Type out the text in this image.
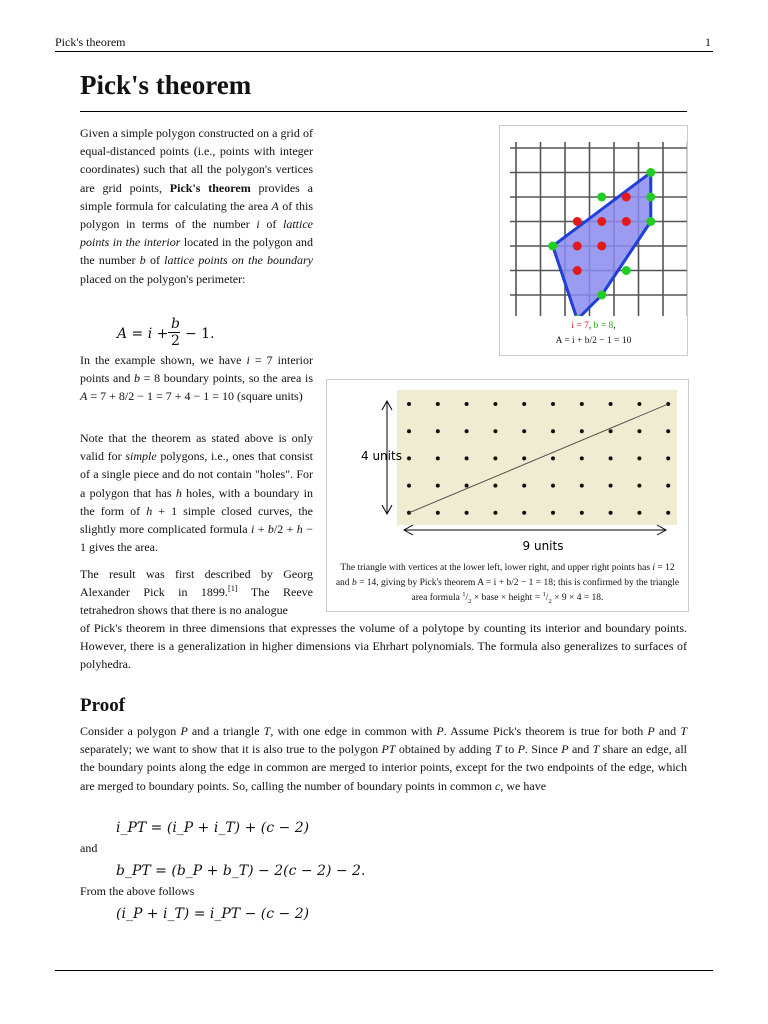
Pick's theorem	1
Pick's theorem

Given a simple polygon constructed on a grid of equal-distanced points (i.e., points with integer coordinates) such that all the polygon's vertices are grid points, Pick's theorem provides a simple formula for calculating the area A of this polygon in terms of the number i of lattice points in the interior located in the polygon and the number b of lattice points on the boundary placed on the polygon's perimeter:

A = i +
b
2 − 1.

In the example shown, we have i = 7 interior points and b = 8 boundary points, so the area is A = 7 + 8/2 − 1 = 7 + 4 − 1 = 10 (square units)

Note that the theorem as stated above is only valid for simple polygons, i.e., ones that consist of a single piece and do not contain "holes". For a polygon that has h holes, with a boundary in the form of h + 1 simple closed curves, the slightly more complicated formula i + b/2 + h − 1 gives the area.

The result was first described by Georg Alexander Pick in 1899.[1] The Reeve tetrahedron shows that there is no analogue

of Pick's theorem in three dimensions that expresses the volume of a polytope by counting its interior and boundary points. However, there is a generalization in higher dimensions via Ehrhart polynomials. The formula also generalizes to surfaces of polyhedra.

i = 7, b = 8,
A = i + b/2 − 1 = 10
4 units
9 units
The triangle with vertices at the lower left, lower right, and upper right points has i = 12 and b = 14, giving by Pick's theorem A = i + b/2 − 1 = 18; this is confirmed by the triangle area formula $^1/_2$ × base × height = $^1/_2 \times 9 \times 4 = 18$.
Proof

Consider a polygon P and a triangle T, with one edge in common with P. Assume Pick's theorem is true for both P and T separately; we want to show that it is also true to the polygon PT obtained by adding T to P. Since P and T share an edge, all the boundary points along the edge in common are merged to interior points, except for the two endpoints of the edge, which are merged to boundary points. So, calling the number of boundary points in common c, we have

i_PT = (i_P + i_T) + (c − 2)
and
b_PT = (b_P + b_T) − 2(c − 2) − 2.
From the above follows
(i_P + i_T) = i_PT − (c − 2)
